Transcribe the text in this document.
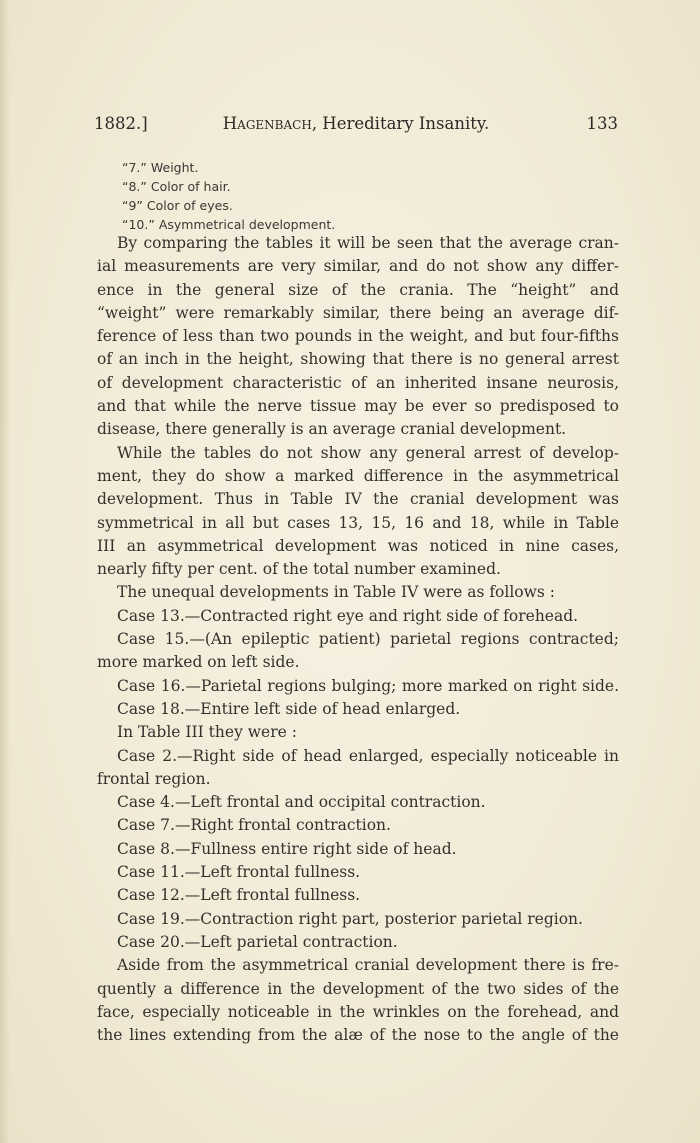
1882.]	Hagenbach, Hereditary Insanity.	133
“7.” Weight.
“8.” Color of hair.
“9” Color of eyes.
“10.” Asymmetrical development.
By comparing the tables it will be seen that the average cran-
ial measurements are very similar, and do not show any differ-
ence in the general size of the crania. The “height” and
“weight” were remarkably similar, there being an average dif-
ference of less than two pounds in the weight, and but four-fifths
of an inch in the height, showing that there is no general arrest
of development characteristic of an inherited insane neurosis,
and that while the nerve tissue may be ever so predisposed to
disease, there generally is an average cranial development.
While the tables do not show any general arrest of develop-
ment, they do show a marked difference in the asymmetrical
development. Thus in Table IV the cranial development was
symmetrical in all but cases 13, 15, 16 and 18, while in Table
III an asymmetrical development was noticed in nine cases,
nearly fifty per cent. of the total number examined.
The unequal developments in Table IV were as follows :
Case 13.—Contracted right eye and right side of forehead.
Case 15.—(An epileptic patient) parietal regions contracted;
more marked on left side.
Case 16.—Parietal regions bulging; more marked on right side.
Case 18.—Entire left side of head enlarged.
In Table III they were :
Case 2.—Right side of head enlarged, especially noticeable in
frontal region.
Case 4.—Left frontal and occipital contraction.
Case 7.—Right frontal contraction.
Case 8.—Fullness entire right side of head.
Case 11.—Left frontal fullness.
Case 12.—Left frontal fullness.
Case 19.—Contraction right part, posterior parietal region.
Case 20.—Left parietal contraction.
Aside from the asymmetrical cranial development there is fre-
quently a difference in the development of the two sides of the
face, especially noticeable in the wrinkles on the forehead, and
the lines extending from the alæ of the nose to the angle of the
